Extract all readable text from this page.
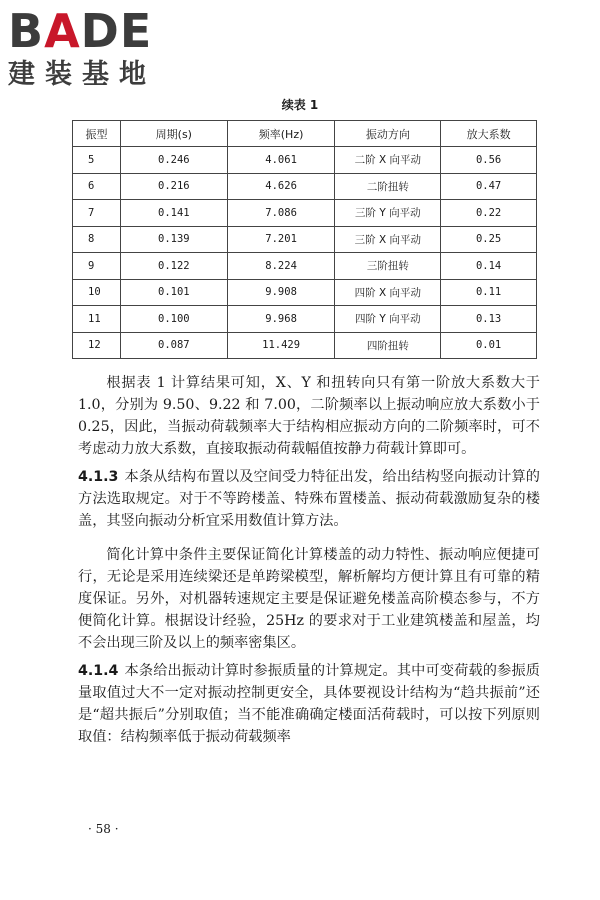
BADE
建装基地
续表 1
振型	周期(s)	频率(Hz)	振动方向	放大系数
5	0.246	4.061	二阶 X 向平动	0.56
6	0.216	4.626	二阶扭转	0.47
7	0.141	7.086	三阶 Y 向平动	0.22
8	0.139	7.201	三阶 X 向平动	0.25
9	0.122	8.224	三阶扭转	0.14
10	0.101	9.908	四阶 X 向平动	0.11
11	0.100	9.968	四阶 Y 向平动	0.13
12	0.087	11.429	四阶扭转	0.01

根据表 1 计算结果可知，X、Y 和扭转向只有第一阶放大系数大于 1.0，分别为 9.50、9.22 和 7.00，二阶频率以上振动响应放大系数小于 0.25，因此，当振动荷载频率大于结构相应振动方向的二阶频率时，可不考虑动力放大系数，直接取振动荷载幅值按静力荷载计算即可。

4.1.3 本条从结构布置以及空间受力特征出发，给出结构竖向振动计算的方法选取规定。对于不等跨楼盖、特殊布置楼盖、振动荷载激励复杂的楼盖，其竖向振动分析宜采用数值计算方法。

简化计算中条件主要保证简化计算楼盖的动力特性、振动响应便捷可行，无论是采用连续梁还是单跨梁模型，解析解均方便计算且有可靠的精度保证。另外，对机器转速规定主要是保证避免楼盖高阶模态参与，不方便简化计算。根据设计经验，25Hz 的要求对于工业建筑楼盖和屋盖，均不会出现三阶及以上的频率密集区。

4.1.4 本条给出振动计算时参振质量的计算规定。其中可变荷载的参振质量取值过大不一定对振动控制更安全，具体要视设计结构为“趋共振前”还是“超共振后”分别取值；当不能准确确定楼面活荷载时，可以按下列原则取值：结构频率低于振动荷载频率

· 58 ·
